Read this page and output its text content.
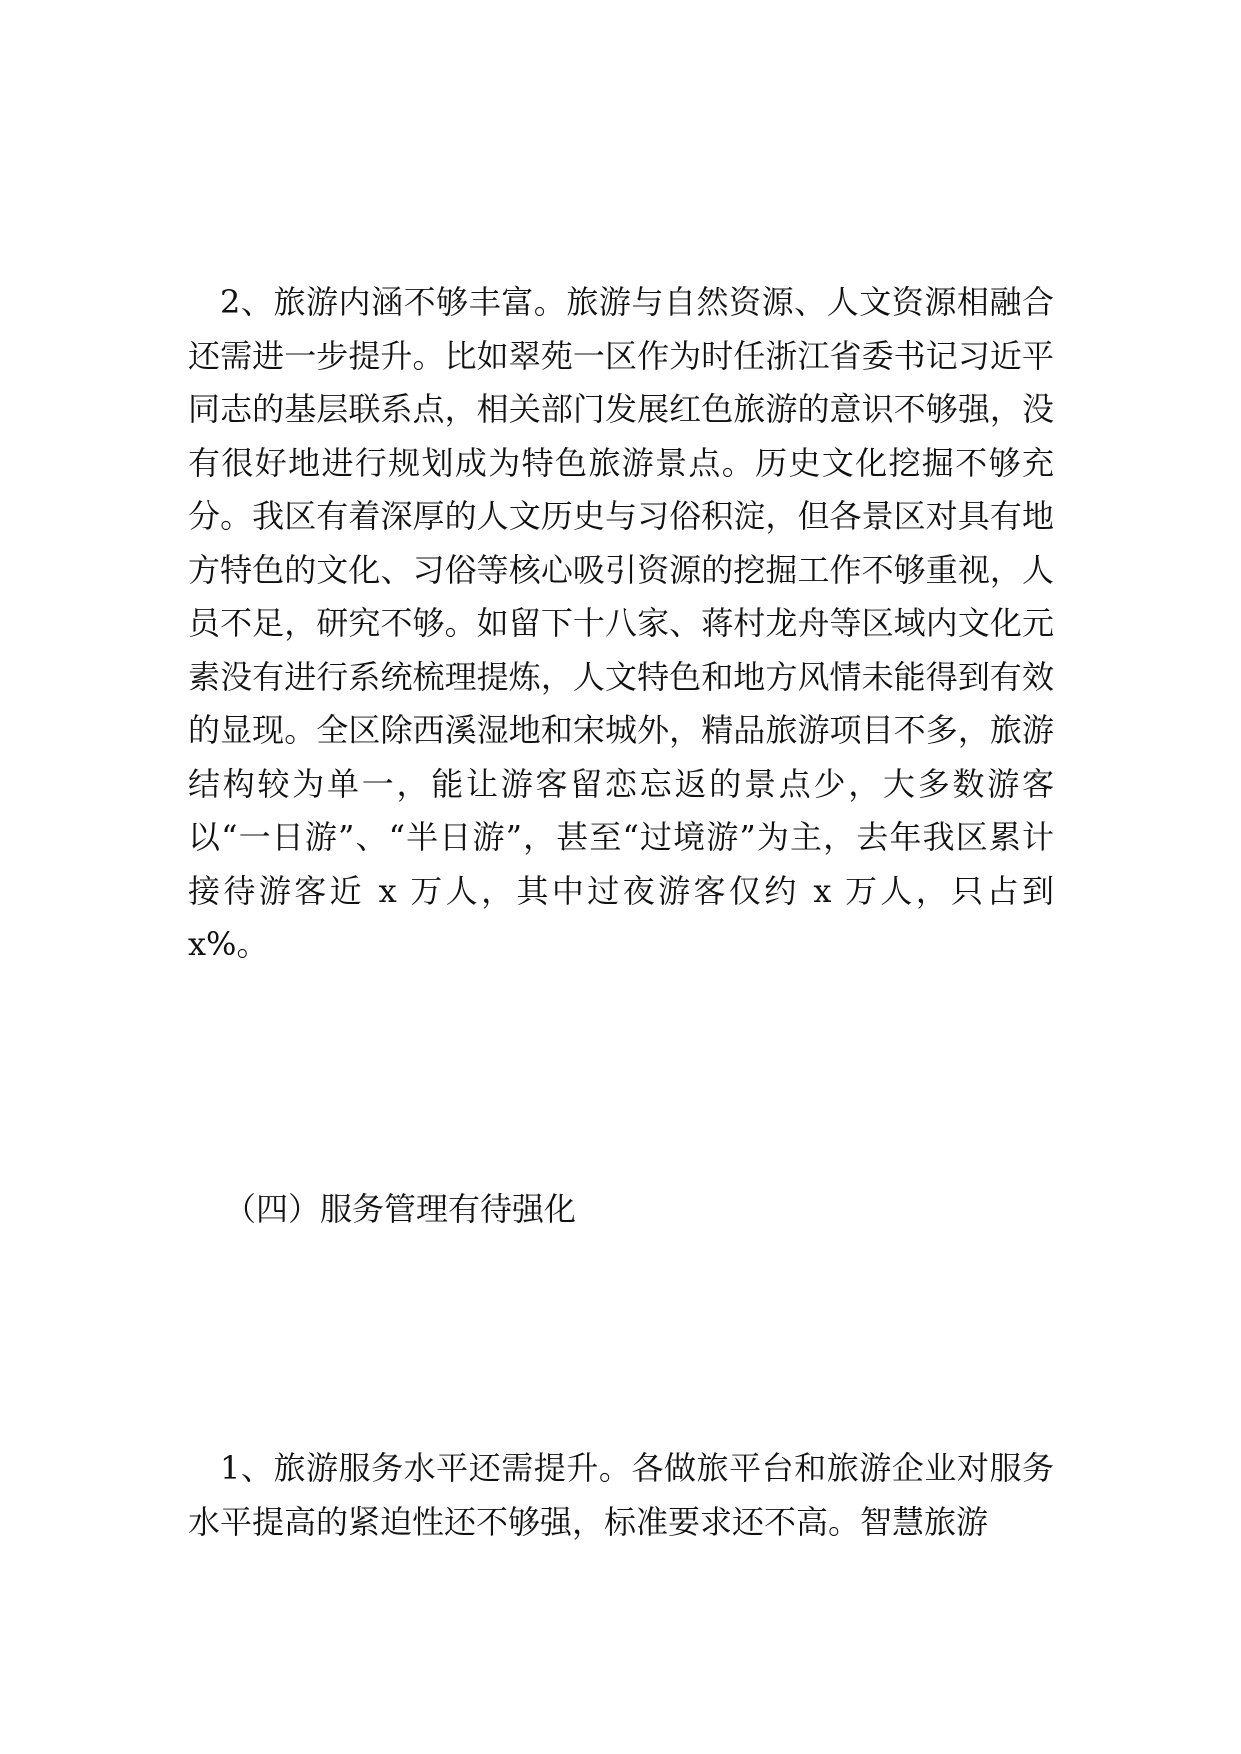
2、旅游内涵不够丰富。旅游与自然资源、人文资源相融合还需进一步提升。比如翠苑一区作为时任浙江省委书记习近平同志的基层联系点，相关部门发展红色旅游的意识不够强，没有很好地进行规划成为特色旅游景点。历史文化挖掘不够充分。我区有着深厚的人文历史与习俗积淀，但各景区对具有地方特色的文化、习俗等核心吸引资源的挖掘工作不够重视，人员不足，研究不够。如留下十八家、蒋村龙舟等区域内文化元素没有进行系统梳理提炼，人文特色和地方风情未能得到有效的显现。全区除西溪湿地和宋城外，精品旅游项目不多，旅游结构较为单一，能让游客留恋忘返的景点少，大多数游客以“一日游”、“半日游”，甚至“过境游”为主，去年我区累计接待游客近 x 万人，其中过夜游客仅约 x 万人，只占到 x%。

（四）服务管理有待强化

1、旅游服务水平还需提升。各做旅平台和旅游企业对服务水平提高的紧迫性还不够强，标准要求还不高。智慧旅游
